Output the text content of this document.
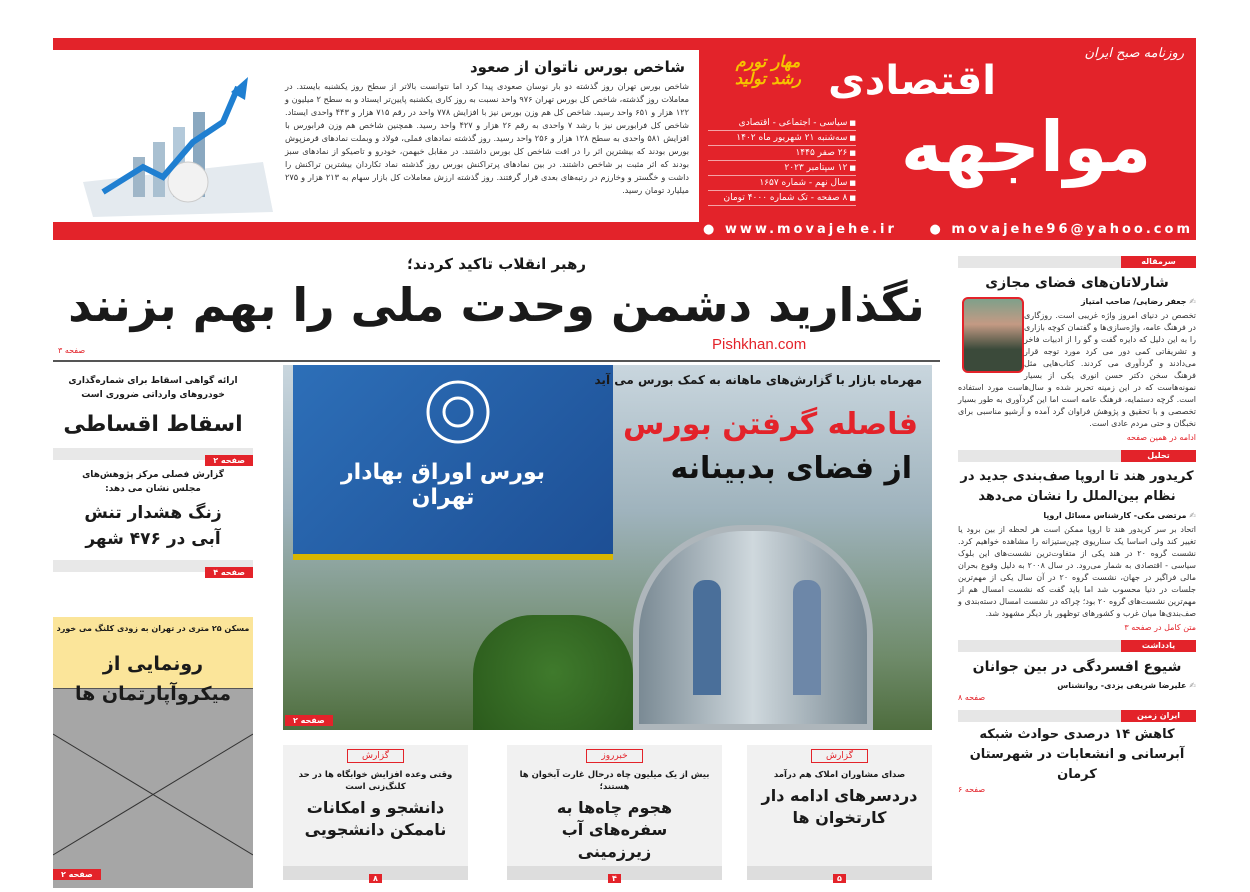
شاخص بورس ناتوان از صعود
شاخص بورس تهران روز گذشته دو بار نوسان صعودی پیدا کرد اما نتوانست بالاتر از سطح روز یکشنبه بایستد. در معاملات روز گذشته، شاخص کل بورس تهران ۹۷۶ واحد نسبت به روز کاری یکشنبه پایین‌تر ایستاد و به سطح ۲ میلیون و ۱۲۲ هزار و ۶۵۱ واحد رسید. شاخص کل هم وزن بورس نیز با افزایش ۷۷۸ واحد در رقم ۷۱۵ هزار و ۴۴۳ واحدی ایستاد. شاخص کل فرابورس نیز با رشد ۷ واحدی به رقم ۲۶ هزار و ۴۲۷ واحد رسید. همچنین شاخص هم وزن فرابورس با افزایش ۵۸۱ واحدی به سطح ۱۲۸ هزار و ۲۵۶ واحد رسید. روز گذشته نمادهای فملی، فولاد و وبملت نمادهای قرمزپوش بورس بودند که بیشترین اثر را در افت شاخص کل بورس داشتند. در مقابل خبهمن، خودرو و تاصیکو از نمادهای سبز بودند که اثر مثبت بر شاخص داشتند. در بین نمادهای پرتراکنش بورس روز گذشته نماد تکاردان بیشترین تراکنش را داشت و خگستر و وخارزم در رتبه‌های بعدی قرار گرفتند. روز گذشته ارزش معاملات کل بازار سهام به ۲۱۳ هزار و ۲۷۵ میلیارد تومان رسید.
مهار تورم رشد تولید
روزنامه صبح ایران
اقتصادی
مواجهه
■ سیاسی - اجتماعی - اقتصادی
■ سه‌شنبه ۲۱ شهریور ماه ۱۴۰۲
■ ۲۶ صفر ۱۴۴۵
■ ۱۲ سپتامبر ۲۰۲۳
■ سال نهم - شماره ۱۶۵۷
■ ۸ صفحه - تک شماره ۴۰۰۰ تومان
● www.movajehe.ir	● movajehe96@yahoo.com
رهبر انقلاب تاکید کردند؛
نگذارید دشمن وحدت ملی را بهم بزنند
Pishkhan.com
صفحه ۳
ارائه گواهی اسقاط برای شماره‌گذاری خودروهای وارداتی ضروری است
اسقاط اقساطی
صفحه ۲
گزارش فصلی مرکز پژوهش‌های مجلس نشان می دهد:
زنگ هشدار تنش آبی در ۴۷۶ شهر
صفحه ۴
مسکن ۲۵ متری در تهران به زودی کلنگ می خورد
رونمایی از میکروآپارتمان ها
صفحه ۲
بورس اوراق بهادار تهران
مهرماه بازار با گزارش‌های ماهانه به کمک بورس می آید
فاصله گرفتن بورس
از فضای بدبینانه
صفحه ۲
گزارش
صدای مشاوران املاک هم درآمد
دردسرهای ادامه دار کارتخوان ها
۵
خبرروز
بیش از یک میلیون چاه درحال غارت آبخوان ها هستند؛
هجوم چاه‌ها به سفره‌های آب زیرزمینی
۴
گزارش
وقتی وعده افزایش خوابگاه ها در حد کلنگ‌زنی است
دانشجو و امکانات ناممکن دانشجویی
۸
سرمقاله
شارلاتان‌های فضای مجازی
✍ جعفر رضایی/ صاحب امتیاز
تخصص در دنیای امروز واژه غریبی است. روزگاری در فرهنگ عامه، واژه‌سازی‌ها و گفتمان کوچه بازاری را به این دلیل که دایره گفت و گو را از ادبیات فاخر و تشریفاتی کمی دور می کرد مورد توجه قرار می‌دادند و گردآوری می کردند. کتاب‌هایی مثل فرهنگ سخن دکتر حسن انوری یکی از بسیار نمونه‌هاست که در این زمینه تحریر شده و سال‌هاست مورد استفاده است. گرچه دستمایه، فرهنگ عامه است اما این گردآوری به طور بسیار تخصصی و با تحقیق و پژوهش فراوان گرد آمده و آرشیو مناسبی برای نخبگان و حتی مردم عادی است.
ادامه در همین صفحه
تحلیل
کریدور هند تا اروپا صف‌بندی جدید در نظام بین‌الملل را نشان می‌دهد
✍ مرتضی مکی- کارشناس مسائل اروپا
اتحاد بر سر کریدور هند تا اروپا ممکن است هر لحظه از بین برود یا تغییر کند ولی اساسا یک سناریوی چین‌ستیزانه را مشاهده خواهیم کرد. نشست گروه ۲۰ در هند یکی از متفاوت‌ترین نشست‌های این بلوک سیاسی - اقتصادی به شمار می‌رود. در سال ۲۰۰۸ به دلیل وقوع بحران مالی فراگیر در جهان، نشست گروه ۲۰ در آن سال یکی از مهم‌ترین جلسات در دنیا محسوب شد اما باید گفت که نشست امسال هم از مهم‌ترین نشست‌های گروه ۲۰ بود؛ چراکه در نشست امسال دسته‌بندی و صف‌بندی‌ها میان غرب و کشورهای توظهور بار دیگر مشهود شد.
متن کامل در صفحه ۳
یادداشت
شیوع افسردگی در بین جوانان
✍ علیرضا شریفی یزدی- روانشناس
صفحه ۸
ایران زمین
کاهش ۱۴ درصدی حوادث شبکه آبرسانی و انشعابات در شهرستان کرمان
صفحه ۶
